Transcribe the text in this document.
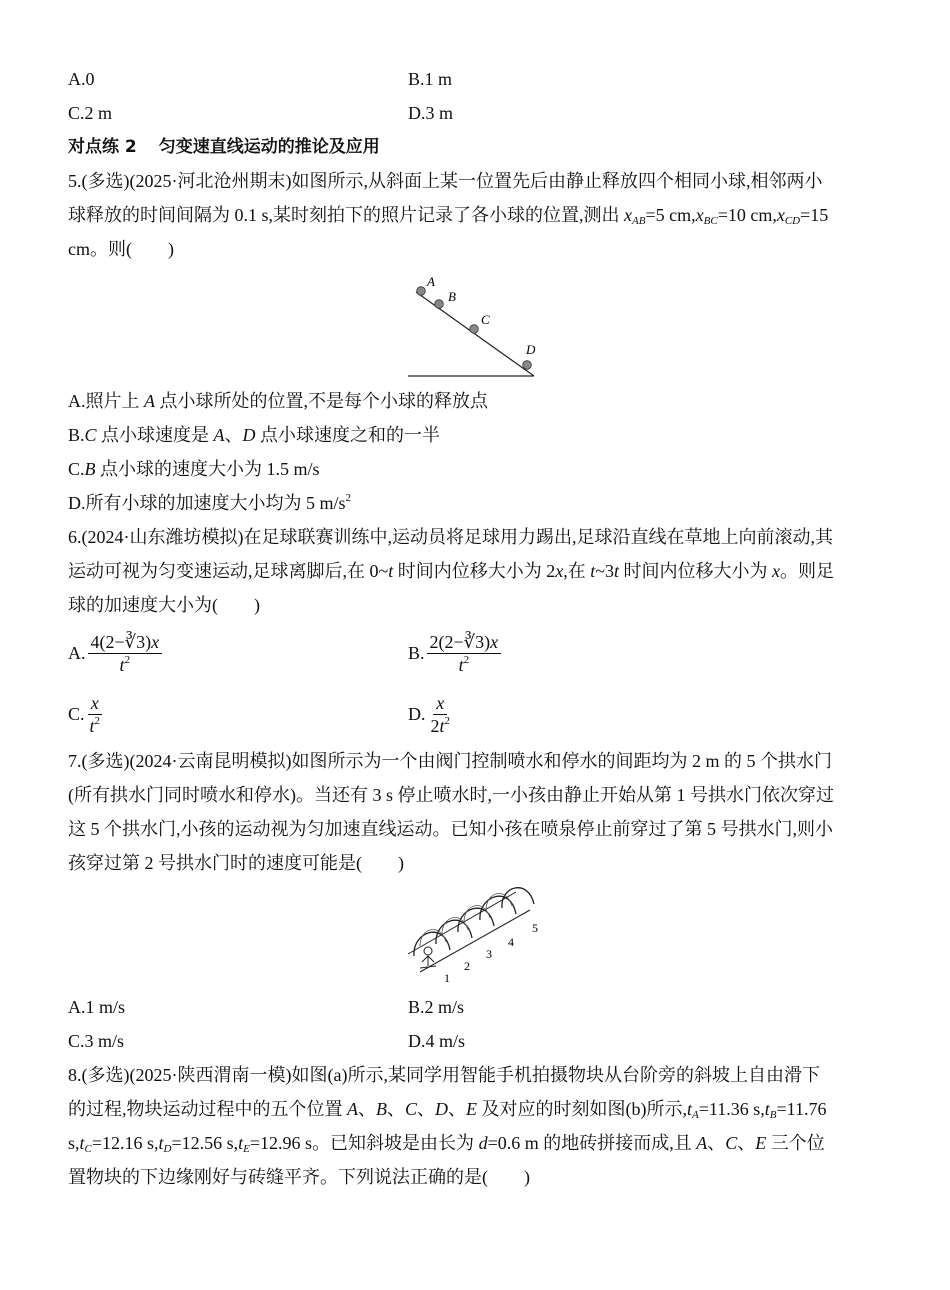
A.0	B.1 m
C.2 m	D.3 m
对点练 2 匀变速直线运动的推论及应用
5.(多选)(2025·河北沧州期末)如图所示,从斜面上某一位置先后由静止释放四个相同小球,相邻两小
球释放的时间间隔为 0.1 s,某时刻拍下的照片记录了各小球的位置,测出 $x_{AB}=5$ $cm,x_{BC}=10$ $cm,x_{CD}=15$
cm。则(　　)
A
B
C
D
A.照片上 A 点小球所处的位置,不是每个小球的释放点
B.C 点小球速度是 A、D 点小球速度之和的一半
C.B 点小球的速度大小为 1.5 m/s
D.所有小球的加速度大小均为 5 $m/s^2$
6.(2024·山东潍坊模拟)在足球联赛训练中,运动员将足球用力踢出,足球沿直线在草地上向前滚动,其
运动可视为匀变速运动,足球离脚后,在 0~t 时间内位移大小为 2x,在 t~3t 时间内位移大小为 x。则足
球的加速度大小为(　　)
A. $\frac{4(2-∛3)x}{t^2}$	B. $\frac{2(2-∛3)x}{t^2}$
C. $\frac{x}{t^2}$	D. $\frac{x}{2t^2}$
7.(多选)(2024·云南昆明模拟)如图所示为一个由阀门控制喷水和停水的间距均为 2 m 的 5 个拱水门
(所有拱水门同时喷水和停水)。当还有 3 s 停止喷水时,一小孩由静止开始从第 1 号拱水门依次穿过
这 5 个拱水门,小孩的运动视为匀加速直线运动。已知小孩在喷泉停止前穿过了第 5 号拱水门,则小
孩穿过第 2 号拱水门时的速度可能是(　　)
1
2
3
4
5
A.1 m/s	B.2 m/s
C.3 m/s	D.4 m/s
8.(多选)(2025·陕西渭南一模)如图(a)所示,某同学用智能手机拍摄物块从台阶旁的斜坡上自由滑下
的过程,物块运动过程中的五个位置 A、B、C、D、E 及对应的时刻如图(b)所示$,t_A=11.36$ $s,t_B=11.76$
$s,t_C=12.16$ $s,t_D=12.56$ $s,t_E=12.96$ s。已知斜坡是由长为 d=0.6 m 的地砖拼接而成,且 A、C、E 三个位
置物块的下边缘刚好与砖缝平齐。下列说法正确的是(　　)
